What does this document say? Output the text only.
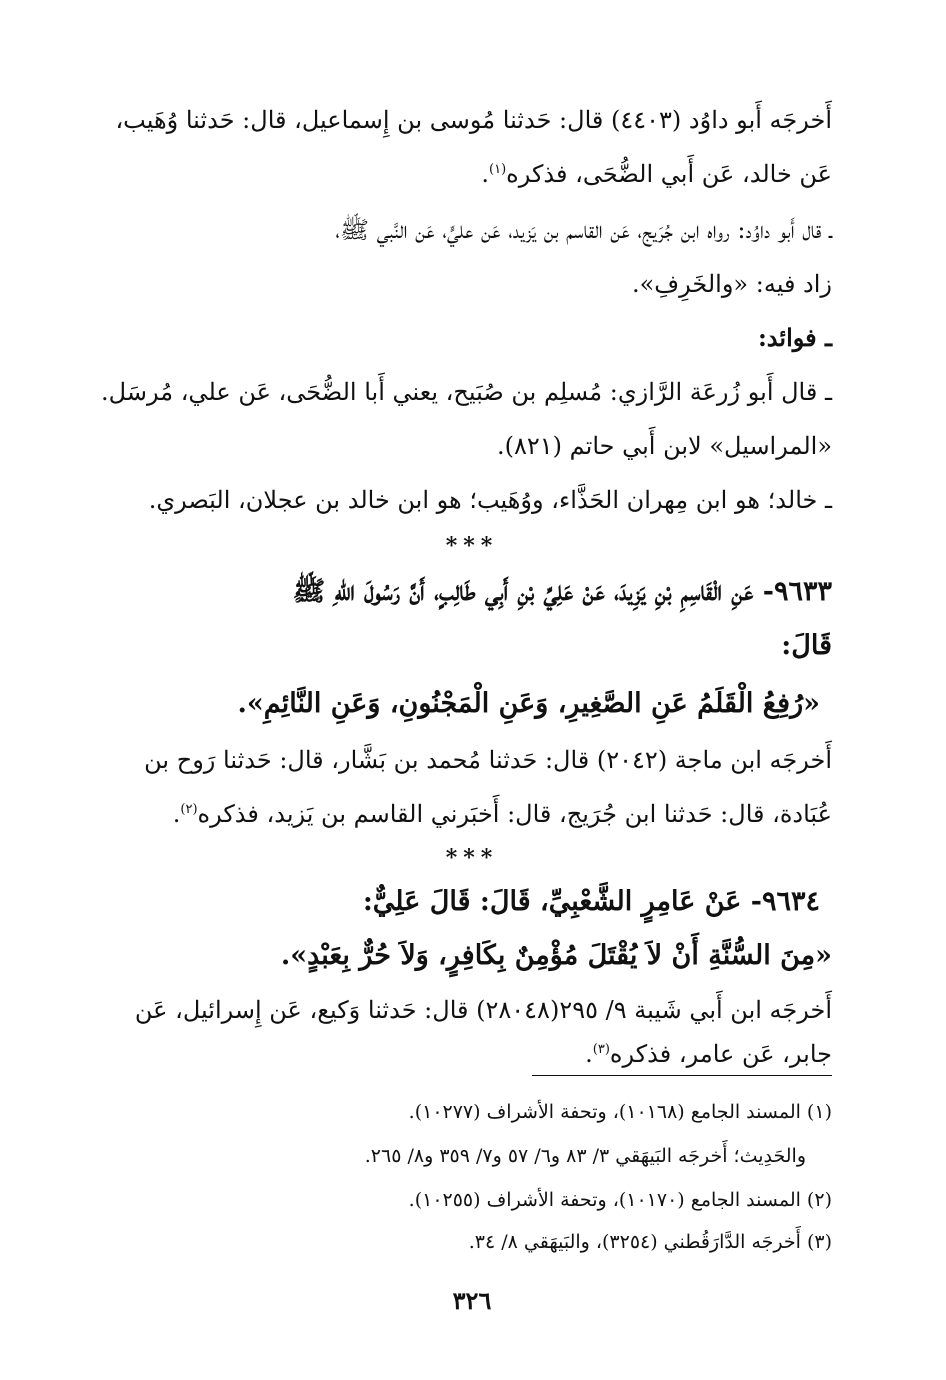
أَخرجَه أَبو داوُد (٤٤٠٣) قال: حَدثنا مُوسى بن إِسماعيل، قال: حَدثنا وُهَيب،
عَن خالد، عَن أَبي الضُّحَى، فذكره$^{(١)}$.
ـ قال أَبو داوُد: رواه ابن جُرَيج، عَن القاسم بن يَزيد، عَن عليٍّ، عَن النَّبي ﷺ،
زاد فيه: «والخَرِفِ».
ـ فوائد:
ـ قال أَبو زُرعَة الرَّازي: مُسلِم بن صُبَيح، يعني أَبا الضُّحَى، عَن علي، مُرسَل.
«المراسيل» لابن أَبي حاتم (٨٢١).
ـ خالد؛ هو ابن مِهران الحَذَّاء، ووُهَيب؛ هو ابن خالد بن عجلان، البَصري.
***
٩٦٣٣- عَنِ الْقَاسِمِ بْنِ يَزِيدَ، عَنْ عَلِيِّ بْنِ أَبِي طَالِبٍ، أَنَّ رَسُولَ اللهِ ﷺ
قَالَ:
«رُفِعُ الْقَلَمُ عَنِ الصَّغِيرِ، وَعَنِ الْمَجْنُونِ، وَعَنِ النَّائِمِ».
أَخرجَه ابن ماجة (٢٠٤٢) قال: حَدثنا مُحمد بن بَشَّار، قال: حَدثنا رَوح بن
عُبَادة، قال: حَدثنا ابن جُرَيج، قال: أَخبَرني القاسم بن يَزيد، فذكره$^{(٢)}$.
***
٩٦٣٤- عَنْ عَامِرٍ الشَّعْبِيِّ، قَالَ: قَالَ عَلِيٌّ:
«مِنَ السُّنَّةِ أَنْ لاَ يُقْتَلَ مُؤْمِنٌ بِكَافِرٍ، وَلاَ حُرٌّ بِعَبْدٍ».
أَخرجَه ابن أَبي شَيبة ٩/ ٢٩٥(٢٨٠٤٨) قال: حَدثنا وَكيع، عَن إِسرائيل، عَن
جابر، عَن عامر، فذكره$^{(٣)}$.
(١) المسند الجامع (١٠١٦٨)، وتحفة الأشراف (١٠٢٧٧).
والحَدِيث؛ أَخرجَه البَيهَقي ٣/ ٨٣ و٦/ ٥٧ و٧/ ٣٥٩ و٨/ ٢٦٥.
(٢) المسند الجامع (١٠١٧٠)، وتحفة الأشراف (١٠٢٥٥).
(٣) أَخرجَه الدَّارَقُطني (٣٢٥٤)، والبَيهَقي ٨/ ٣٤.
٣٢٦
